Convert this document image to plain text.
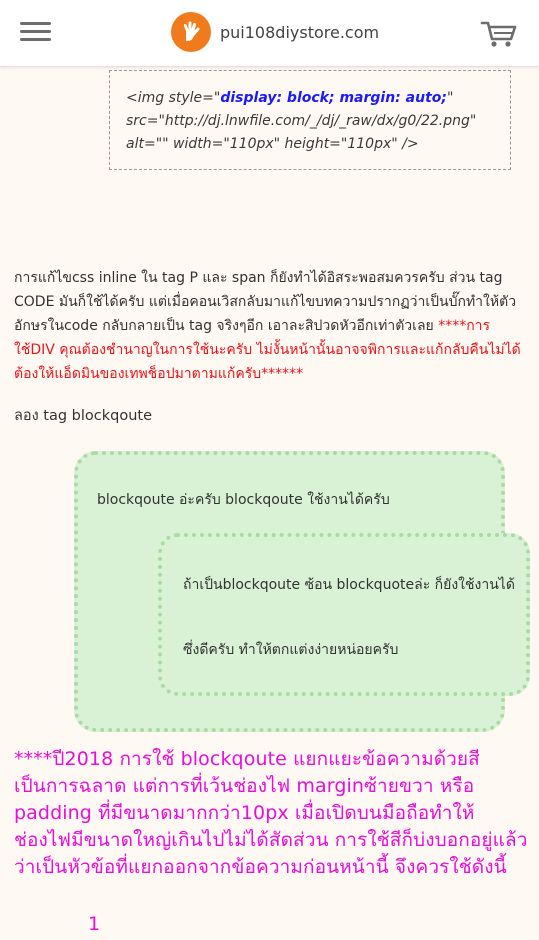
pui108diystore.com
<img style="display: block; margin: auto;"
src="http://dj.lnwfile.com/_/dj/_raw/dx/g0/22.png"
alt="" width="110px" height="110px" />

การแก้ไขcss inline ใน tag P และ span ก็ยังทำได้อิสระพอสมควรครับ ส่วน tag CODE มันก็ใช้ได้ครับ แต่เมื่อคอนเวิสกลับมาแก้ไขบทความปรากฏว่าเป็นบั๊กทำให้ตัวอักษรในcode กลับกลายเป็น tag จริงๆอีก เอาละสิปวดหัวอีกเท่าตัวเลย ****การใช้DIV คุณต้องชำนาญในการใช้นะครับ ไม่งั้นหน้านั้นอาจจพิการและแก้กลับคืนไม่ได้ต้องให้แอ็ดมินของเทพช็อปมาตามแก้ครับ******

ลอง tag blockqoute

blockqoute อ่ะครับ blockqoute ใช้งานได้ครับ

ถ้าเป็นblockqoute ซ้อน blockquoteล่ะ ก็ยังใช้งานได้

ซึ่งดีครับ ทำให้ตกแต่งง่ายหน่อยครับ

****ปี2018 การใช้ blockqoute แยกแยะข้อความด้วยสีเป็นการฉลาด แต่การที่เว้นช่องไฟ marginซ้ายขวา หรือ padding ที่มีขนาดมากกว่า10px เมื่อเปิดบนมือถือทำให้ช่องไฟมีขนาดใหญ่เกินไปไม่ได้สัดส่วน การใช้สีก็บ่งบอกอยู่แล้วว่าเป็นหัวข้อที่แยกออกจากข้อความก่อนหน้านี้ จึงควรใช้ดังนี้

1
